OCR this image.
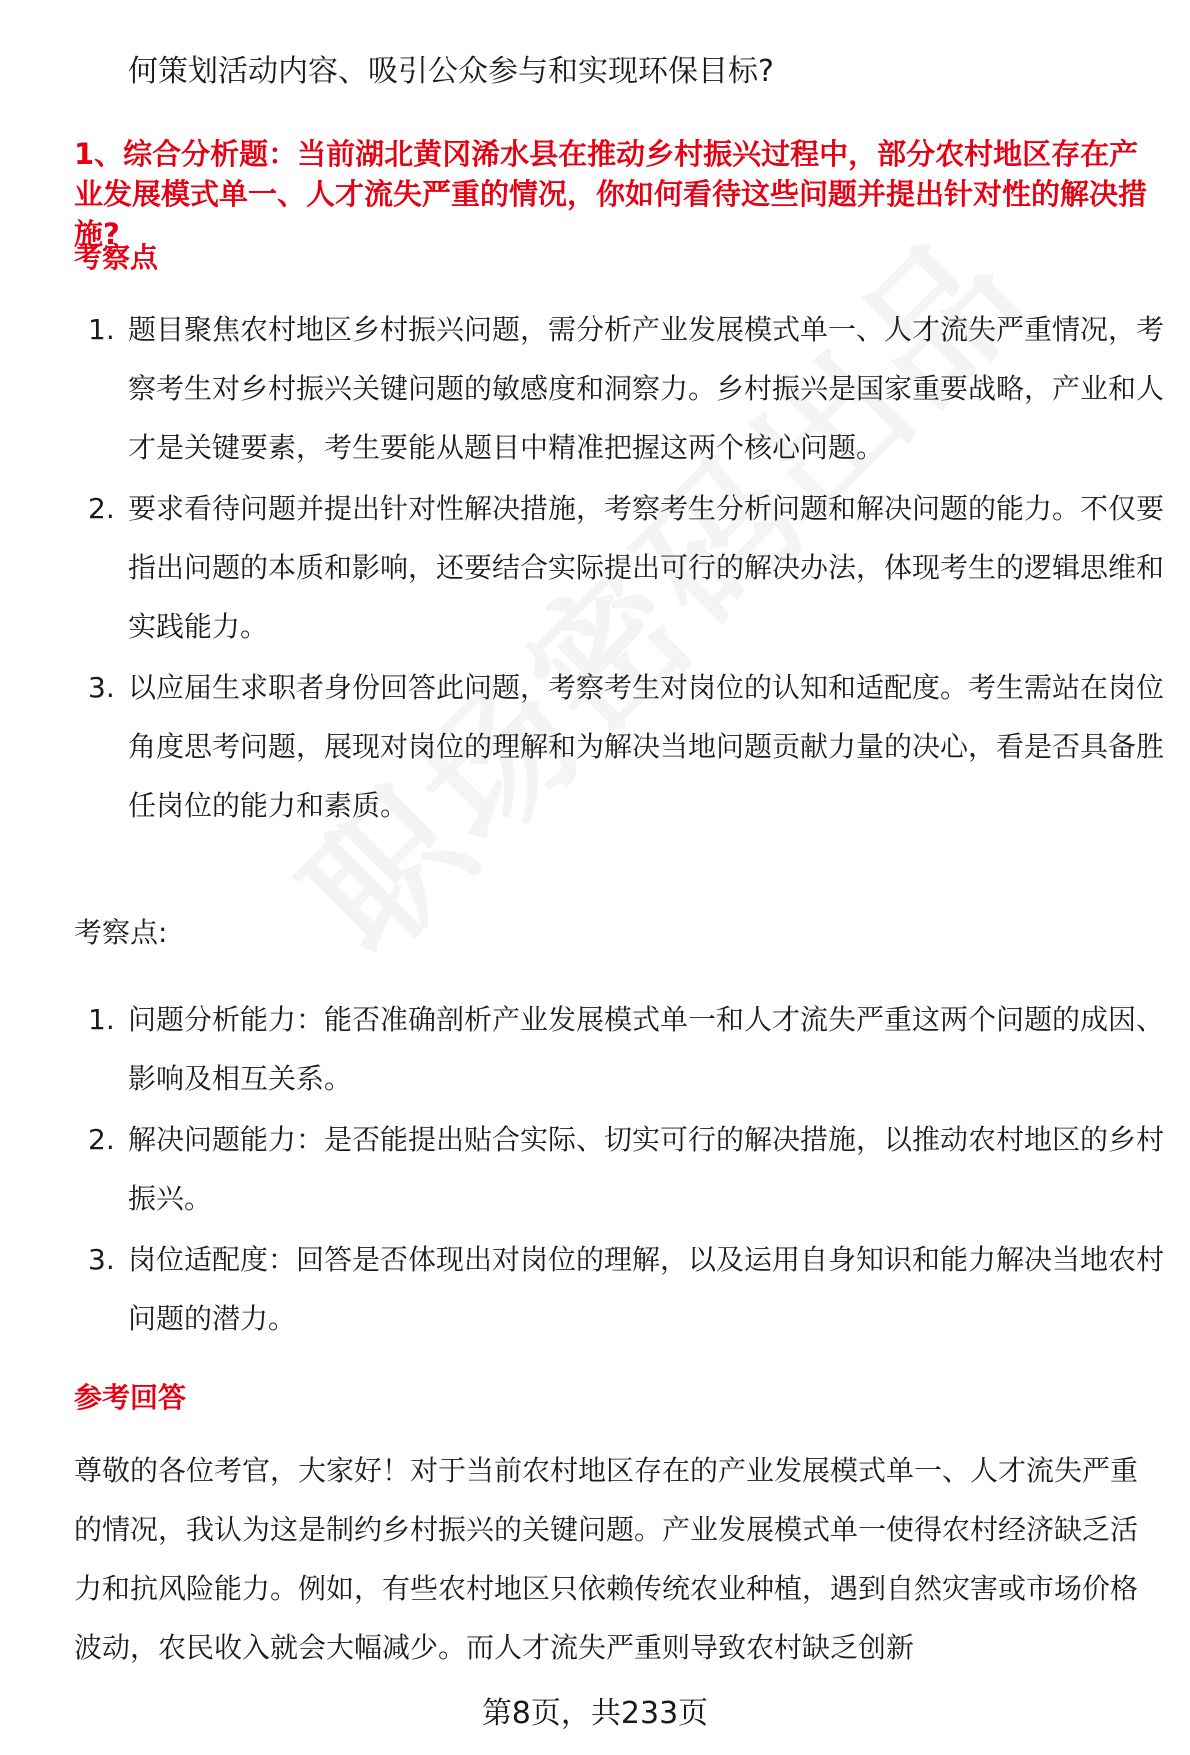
何策划活动内容、吸引公众参与和实现环保目标?
1、综合分析题：当前湖北黄冈浠水县在推动乡村振兴过程中，部分农村地区存在产业发展模式单一、人才流失严重的情况，你如何看待这些问题并提出针对性的解决措施?
考察点
1. 题目聚焦农村地区乡村振兴问题，需分析产业发展模式单一、人才流失严重情况，考察考生对乡村振兴关键问题的敏感度和洞察力。乡村振兴是国家重要战略，产业和人才是关键要素，考生要能从题目中精准把握这两个核心问题。
2. 要求看待问题并提出针对性解决措施，考察考生分析问题和解决问题的能力。不仅要指出问题的本质和影响，还要结合实际提出可行的解决办法，体现考生的逻辑思维和实践能力。
3. 以应届生求职者身份回答此问题，考察考生对岗位的认知和适配度。考生需站在岗位角度思考问题，展现对岗位的理解和为解决当地问题贡献力量的决心，看是否具备胜任岗位的能力和素质。
考察点:
1. 问题分析能力：能否准确剖析产业发展模式单一和人才流失严重这两个问题的成因、影响及相互关系。
2. 解决问题能力：是否能提出贴合实际、切实可行的解决措施，以推动农村地区的乡村振兴。
3. 岗位适配度：回答是否体现出对岗位的理解，以及运用自身知识和能力解决当地农村问题的潜力。
参考回答
尊敬的各位考官，大家好！对于当前农村地区存在的产业发展模式单一、人才流失严重的情况，我认为这是制约乡村振兴的关键问题。产业发展模式单一使得农村经济缺乏活力和抗风险能力。例如，有些农村地区只依赖传统农业种植，遇到自然灾害或市场价格波动，农民收入就会大幅减少。而人才流失严重则导致农村缺乏创新
第8页，共233页
